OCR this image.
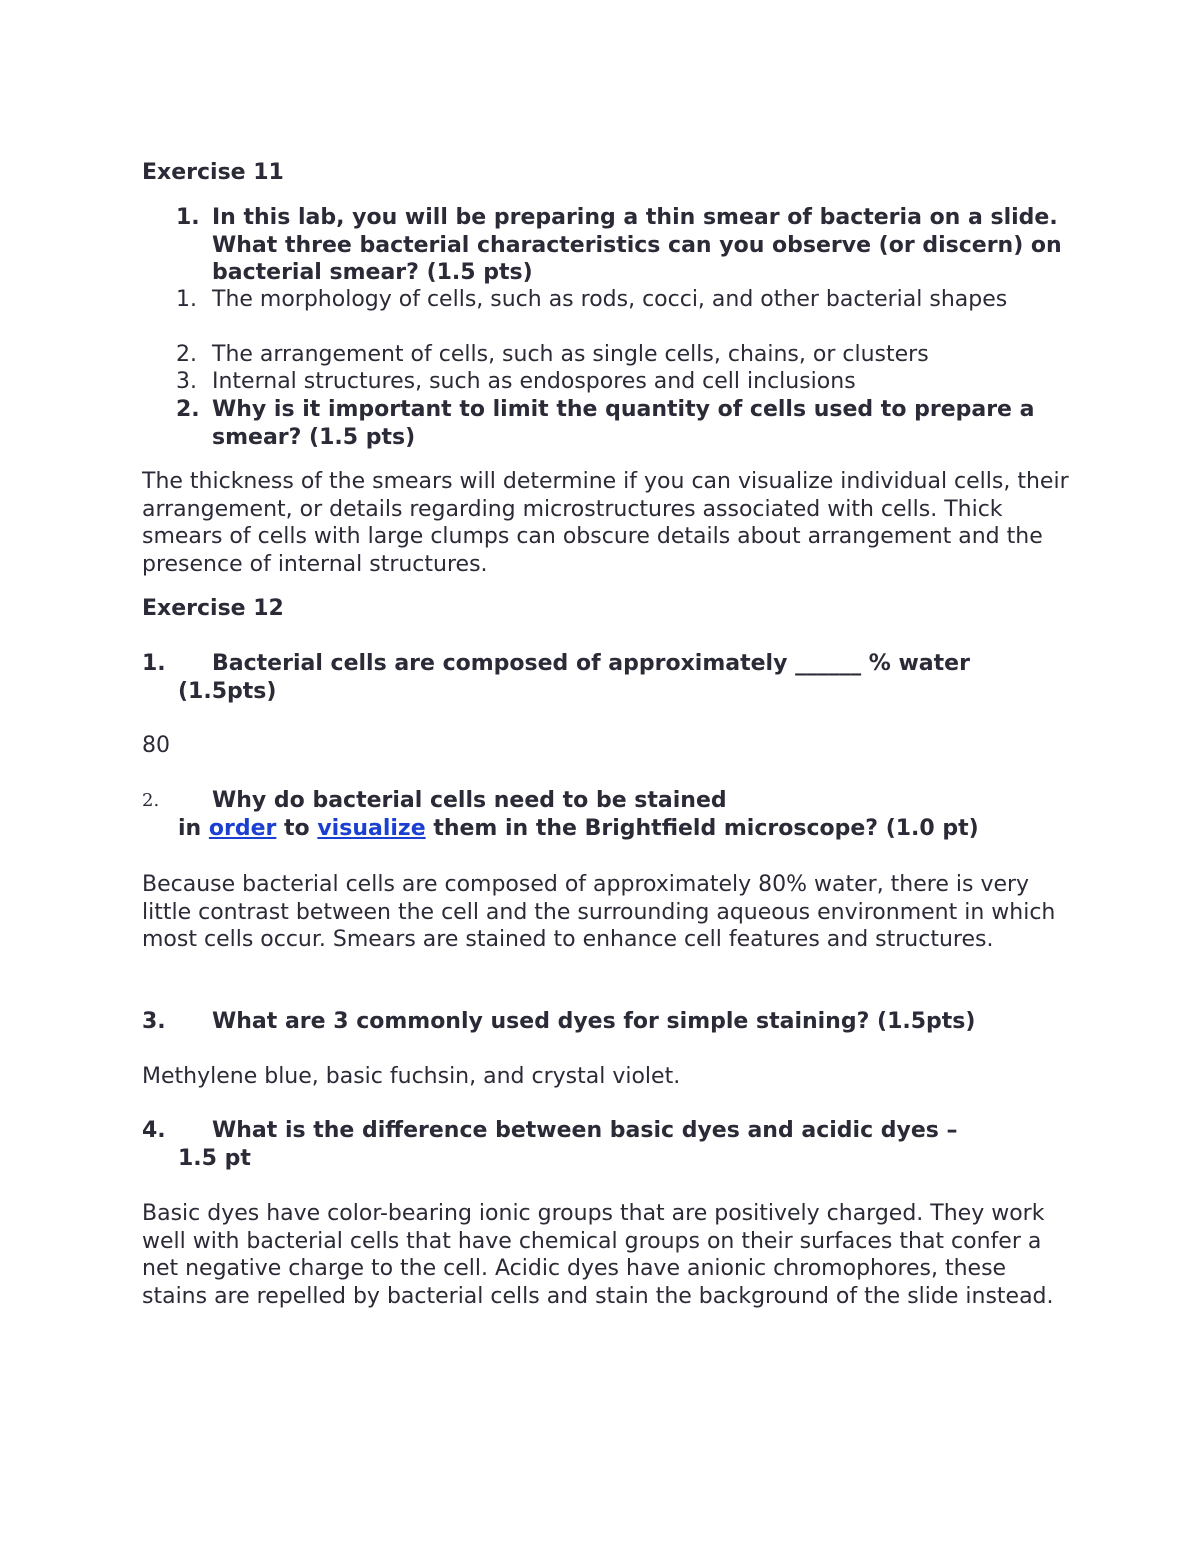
Exercise 11
1. In this lab, you will be preparing a thin smear of bacteria on a slide. What three bacterial characteristics can you observe (or discern) on bacterial smear? (1.5 pts)
1. The morphology of cells, such as rods, cocci, and other bacterial shapes
2. The arrangement of cells, such as single cells, chains, or clusters
3. Internal structures, such as endospores and cell inclusions
2. Why is it important to limit the quantity of cells used to prepare a smear? (1.5 pts)
The thickness of the smears will determine if you can visualize individual cells, their arrangement, or details regarding microstructures associated with cells. Thick smears of cells with large clumps can obscure details about arrangement and the presence of internal structures.
Exercise 12
1.	Bacterial cells are composed of approximately ______ % water
(1.5pts)
80
2.	Why do bacterial cells need to be stained
in order to visualize them in the Brightfield microscope? (1.0 pt)
Because bacterial cells are composed of approximately 80% water, there is very little contrast between the cell and the surrounding aqueous environment in which most cells occur. Smears are stained to enhance cell features and structures.
3.	What are 3 commonly used dyes for simple staining? (1.5pts)
Methylene blue, basic fuchsin, and crystal violet.
4.	What is the difference between basic dyes and acidic dyes –
1.5 pt
Basic dyes have color-bearing ionic groups that are positively charged. They work well with bacterial cells that have chemical groups on their surfaces that confer a net negative charge to the cell. Acidic dyes have anionic chromophores, these stains are repelled by bacterial cells and stain the background of the slide instead.
